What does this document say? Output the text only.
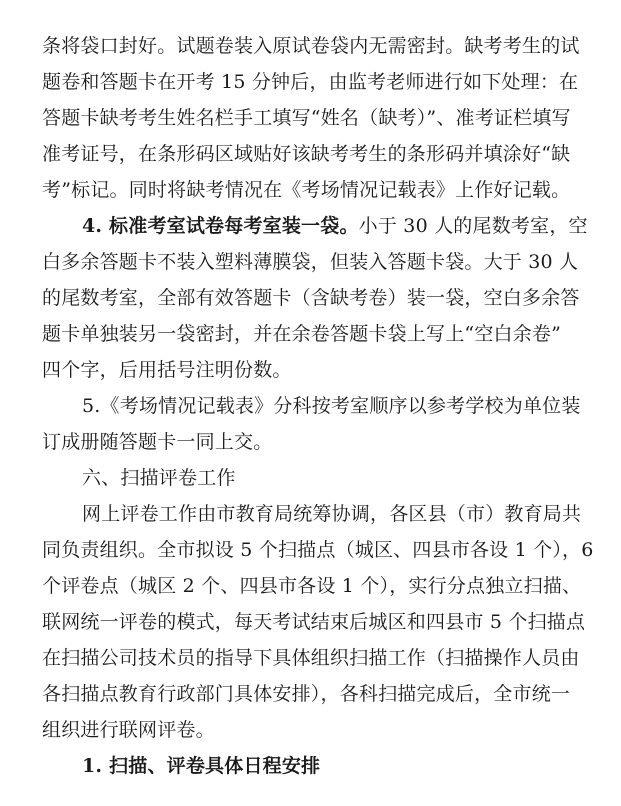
条将袋口封好。试题卷装入原试卷袋内无需密封。缺考考生的试
题卷和答题卡在开考 15 分钟后，由监考老师进行如下处理：在
答题卡缺考考生姓名栏手工填写“姓名（缺考）”、准考证栏填写
准考证号，在条形码区域贴好该缺考考生的条形码并填涂好“缺
考”标记。同时将缺考情况在《考场情况记载表》上作好记载。
4. 标准考室试卷每考室装一袋。小于 30 人的尾数考室，空
白多余答题卡不装入塑料薄膜袋，但装入答题卡袋。大于 30 人
的尾数考室，全部有效答题卡（含缺考卷）装一袋，空白多余答
题卡单独装另一袋密封，并在余卷答题卡袋上写上“空白余卷”
四个字，后用括号注明份数。
5.《考场情况记载表》分科按考室顺序以参考学校为单位装
订成册随答题卡一同上交。
六、扫描评卷工作
网上评卷工作由市教育局统筹协调，各区县（市）教育局共
同负责组织。全市拟设 5 个扫描点（城区、四县市各设 1 个），6
个评卷点（城区 2 个、四县市各设 1 个），实行分点独立扫描、
联网统一评卷的模式，每天考试结束后城区和四县市 5 个扫描点
在扫描公司技术员的指导下具体组织扫描工作（扫描操作人员由
各扫描点教育行政部门具体安排），各科扫描完成后，全市统一
组织进行联网评卷。
1. 扫描、评卷具体日程安排
